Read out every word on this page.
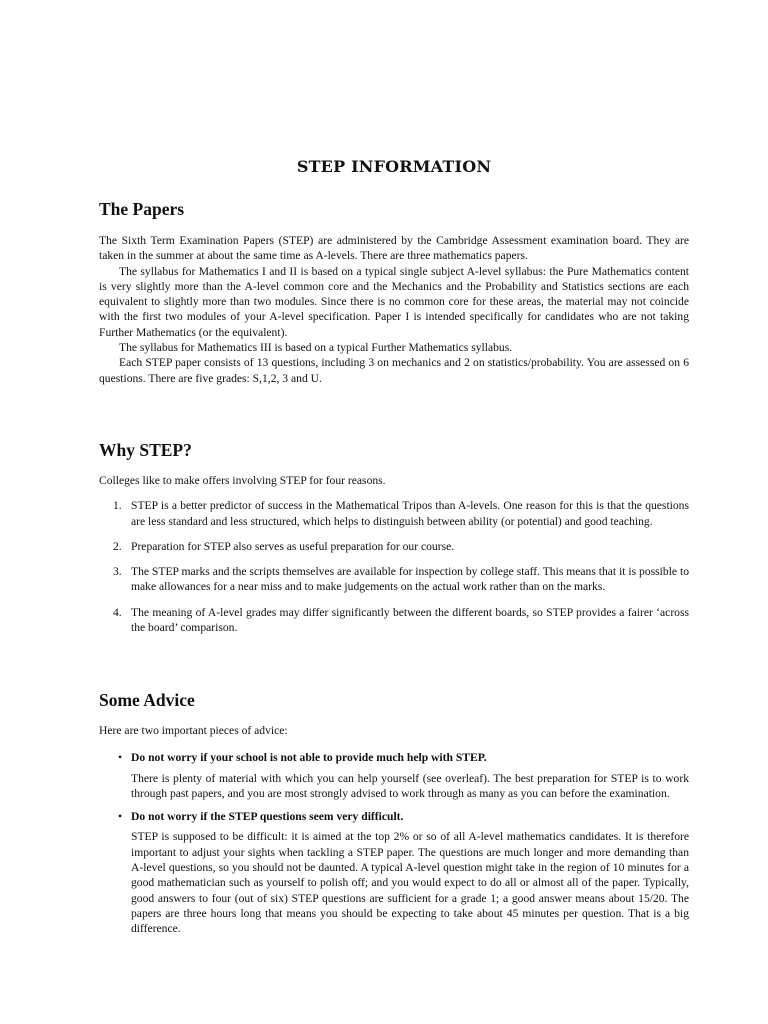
STEP INFORMATION
The Papers

The Sixth Term Examination Papers (STEP) are administered by the Cambridge Assessment examination board. They are taken in the summer at about the same time as A-levels. There are three mathematics papers.

The syllabus for Mathematics I and II is based on a typical single subject A-level syllabus: the Pure Mathematics content is very slightly more than the A-level common core and the Mechanics and the Probability and Statistics sections are each equivalent to slightly more than two modules. Since there is no common core for these areas, the material may not coincide with the first two modules of your A-level specification. Paper I is intended specifically for candidates who are not taking Further Mathematics (or the equivalent).

The syllabus for Mathematics III is based on a typical Further Mathematics syllabus.

Each STEP paper consists of 13 questions, including 3 on mechanics and 2 on statistics/probability. You are assessed on 6 questions. There are five grades: S,1,2, 3 and U.

Why STEP?

Colleges like to make offers involving STEP for four reasons.

1. STEP is a better predictor of success in the Mathematical Tripos than A-levels. One reason for this is that the questions are less standard and less structured, which helps to distinguish between ability (or potential) and good teaching.
2. Preparation for STEP also serves as useful preparation for our course.
3. The STEP marks and the scripts themselves are available for inspection by college staff. This means that it is possible to make allowances for a near miss and to make judgements on the actual work rather than on the marks.
4. The meaning of A-level grades may differ significantly between the different boards, so STEP provides a fairer ‘across the board’ comparison.
Some Advice

Here are two important pieces of advice:

• Do not worry if your school is not able to provide much help with STEP.

There is plenty of material with which you can help yourself (see overleaf). The best preparation for STEP is to work through past papers, and you are most strongly advised to work through as many as you can before the examination.

• Do not worry if the STEP questions seem very difficult.

STEP is supposed to be difficult: it is aimed at the top 2% or so of all A-level mathematics candidates. It is therefore important to adjust your sights when tackling a STEP paper. The questions are much longer and more demanding than A-level questions, so you should not be daunted. A typical A-level question might take in the region of 10 minutes for a good mathematician such as yourself to polish off; and you would expect to do all or almost all of the paper. Typically, good answers to four (out of six) STEP questions are sufficient for a grade 1; a good answer means about 15/20. The papers are three hours long that means you should be expecting to take about 45 minutes per question. That is a big difference.
